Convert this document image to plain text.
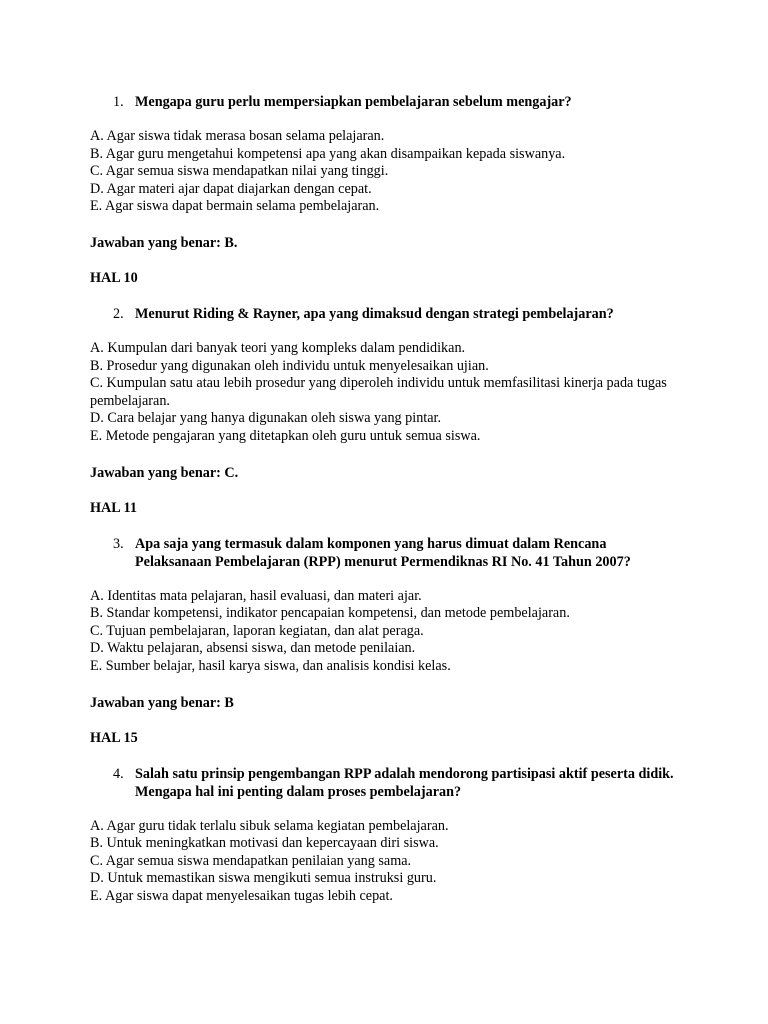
1. Mengapa guru perlu mempersiapkan pembelajaran sebelum mengajar?
A. Agar siswa tidak merasa bosan selama pelajaran.
B. Agar guru mengetahui kompetensi apa yang akan disampaikan kepada siswanya.
C. Agar semua siswa mendapatkan nilai yang tinggi.
D. Agar materi ajar dapat diajarkan dengan cepat.
E. Agar siswa dapat bermain selama pembelajaran.
Jawaban yang benar: B.
HAL 10
2. Menurut Riding & Rayner, apa yang dimaksud dengan strategi pembelajaran?
A. Kumpulan dari banyak teori yang kompleks dalam pendidikan.
B. Prosedur yang digunakan oleh individu untuk menyelesaikan ujian.
C. Kumpulan satu atau lebih prosedur yang diperoleh individu untuk memfasilitasi kinerja pada tugas pembelajaran.
D. Cara belajar yang hanya digunakan oleh siswa yang pintar.
E. Metode pengajaran yang ditetapkan oleh guru untuk semua siswa.
Jawaban yang benar: C.
HAL 11
3. Apa saja yang termasuk dalam komponen yang harus dimuat dalam Rencana Pelaksanaan Pembelajaran (RPP) menurut Permendiknas RI No. 41 Tahun 2007?
A. Identitas mata pelajaran, hasil evaluasi, dan materi ajar.
B. Standar kompetensi, indikator pencapaian kompetensi, dan metode pembelajaran.
C. Tujuan pembelajaran, laporan kegiatan, dan alat peraga.
D. Waktu pelajaran, absensi siswa, dan metode penilaian.
E. Sumber belajar, hasil karya siswa, dan analisis kondisi kelas.
Jawaban yang benar: B
HAL 15
4. Salah satu prinsip pengembangan RPP adalah mendorong partisipasi aktif peserta didik. Mengapa hal ini penting dalam proses pembelajaran?
A. Agar guru tidak terlalu sibuk selama kegiatan pembelajaran.
B. Untuk meningkatkan motivasi dan kepercayaan diri siswa.
C. Agar semua siswa mendapatkan penilaian yang sama.
D. Untuk memastikan siswa mengikuti semua instruksi guru.
E. Agar siswa dapat menyelesaikan tugas lebih cepat.
